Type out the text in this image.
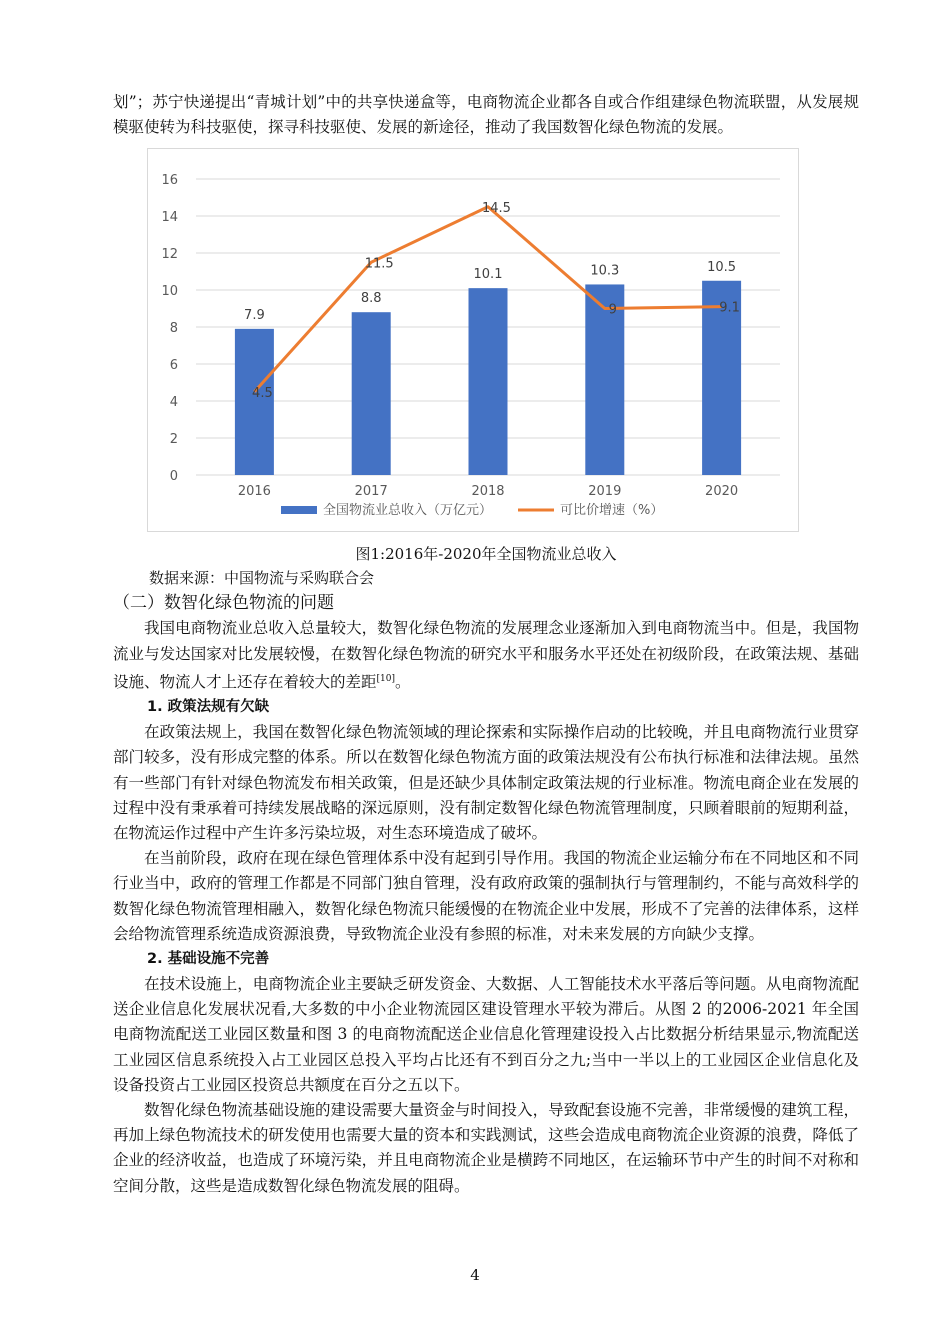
划”；苏宁快递提出“青城计划”中的共享快递盒等，电商物流企业都各自或合作组建绿色物流联盟，从发展规模驱使转为科技驱使，探寻科技驱使、发展的新途径，推动了我国数智化绿色物流的发展。

0
2
4
6
8
10
12
14
16
7.9
2016
8.8
2017
10.1
2018
10.3
2019
10.5
2020
4.5
11.5
14.5
9	9.1
全国物流业总收入（万亿元）	可比价增速（%）

图1:2016年-2020年全国物流业总收入

数据来源：中国物流与采购联合会

（二）数智化绿色物流的问题

我国电商物流业总收入总量较大，数智化绿色物流的发展理念业逐渐加入到电商物流当中。但是，我国物流业与发达国家对比发展较慢，在数智化绿色物流的研究水平和服务水平还处在初级阶段，在政策法规、基础设施、物流人才上还存在着较大的差距[10]。

1. 政策法规有欠缺

在政策法规上，我国在数智化绿色物流领域的理论探索和实际操作启动的比较晚，并且电商物流行业贯穿部门较多，没有形成完整的体系。所以在数智化绿色物流方面的政策法规没有公布执行标准和法律法规。虽然有一些部门有针对绿色物流发布相关政策，但是还缺少具体制定政策法规的行业标准。物流电商企业在发展的过程中没有秉承着可持续发展战略的深远原则，没有制定数智化绿色物流管理制度，只顾着眼前的短期利益，在物流运作过程中产生许多污染垃圾，对生态环境造成了破坏。

在当前阶段，政府在现在绿色管理体系中没有起到引导作用。我国的物流企业运输分布在不同地区和不同行业当中，政府的管理工作都是不同部门独自管理，没有政府政策的强制执行与管理制约，不能与高效科学的数智化绿色物流管理相融入，数智化绿色物流只能缓慢的在物流企业中发展，形成不了完善的法律体系，这样会给物流管理系统造成资源浪费，导致物流企业没有参照的标准，对未来发展的方向缺少支撑。

2. 基础设施不完善

在技术设施上，电商物流企业主要缺乏研发资金、大数据、人工智能技术水平落后等问题。从电商物流配送企业信息化发展状况看,大多数的中小企业物流园区建设管理水平较为滞后。从图 2 的2006-2021 年全国电商物流配送工业园区数量和图 3 的电商物流配送企业信息化管理建设投入占比数据分析结果显示,物流配送工业园区信息系统投入占工业园区总投入平均占比还有不到百分之九;当中一半以上的工业园区企业信息化及设备投资占工业园区投资总共额度在百分之五以下。

数智化绿色物流基础设施的建设需要大量资金与时间投入，导致配套设施不完善，非常缓慢的建筑工程，再加上绿色物流技术的研发使用也需要大量的资本和实践测试，这些会造成电商物流企业资源的浪费，降低了企业的经济收益，也造成了环境污染，并且电商物流企业是横跨不同地区，在运输环节中产生的时间不对称和空间分散，这些是造成数智化绿色物流发展的阻碍。

4
